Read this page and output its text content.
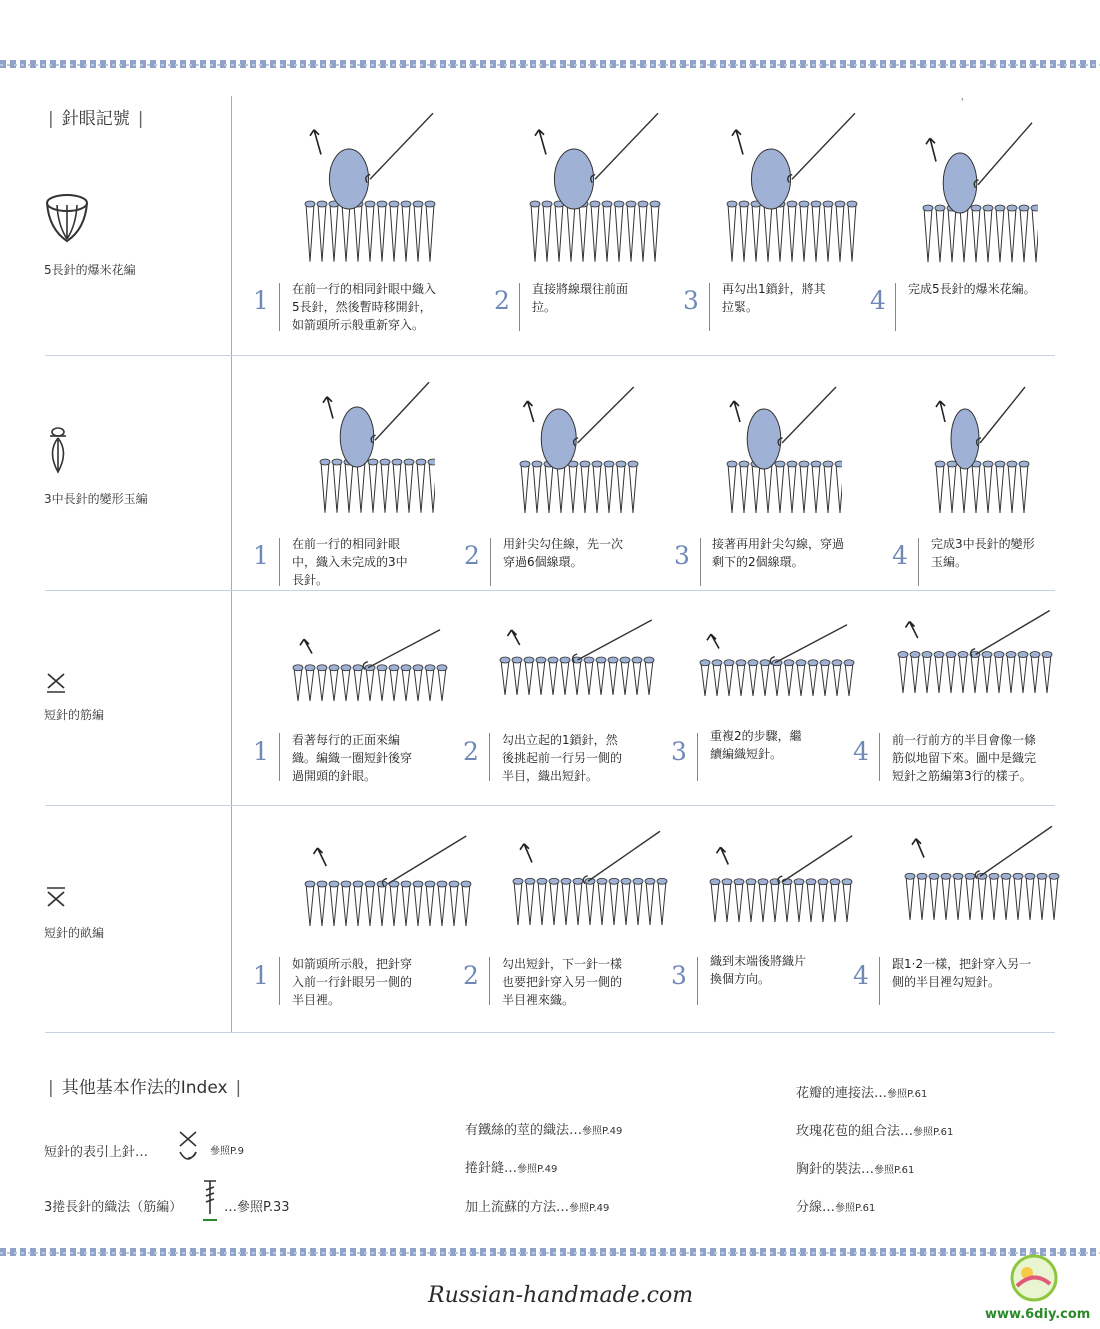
˒
| 針眼記號 |
5長針的爆米花編
3中長針的變形玉編
短針的筋編
短針的畝編
1 在前一行的相同針眼中織入
5長針，然後暫時移開針，
如箭頭所示般重新穿入。
2 直接將線環往前面
拉。	3 再勾出1鎖針，將其
拉緊。	4 完成5長針的爆米花編。
1 在前一行的相同針眼
中，織入未完成的3中
長針。
2 用針尖勾住線，先一次
穿過6個線環。	3 接著再用針尖勾線，穿過
剩下的2個線環。	4 完成3中長針的變形
玉編。
1 看著每行的正面來編
織。編織一圈短針後穿
過開頭的針眼。
2 勾出立起的1鎖針，然
後挑起前一行另一側的
半目，織出短針。
3
重複2的步驟，繼
續編織短針。	4 前一行前方的半目會像一條
筋似地留下來。圖中是織完
短針之筋編第3行的樣子。
1 如箭頭所示般，把針穿
入前一行針眼另一側的
半目裡。
2 勾出短針，下一針一樣
也要把針穿入另一側的
半目裡來織。
3 織到末端後將織片
換個方向。	4 跟1·2一樣，把針穿入另一
側的半目裡勾短針。
| 其他基本作法的Index |
短針的表引上針…	參照P.9
3捲長針的織法（筋編）	…參照P.33
有鐵絲的莖的織法…參照P.49
捲針縫…參照P.49
加上流蘇的方法…參照P.49
花瓣的連接法…參照P.61
玫瑰花苞的組合法…參照P.61
胸針的裝法…參照P.61
分線…參照P.61
Russian-handmade.com
www.6diy.com
